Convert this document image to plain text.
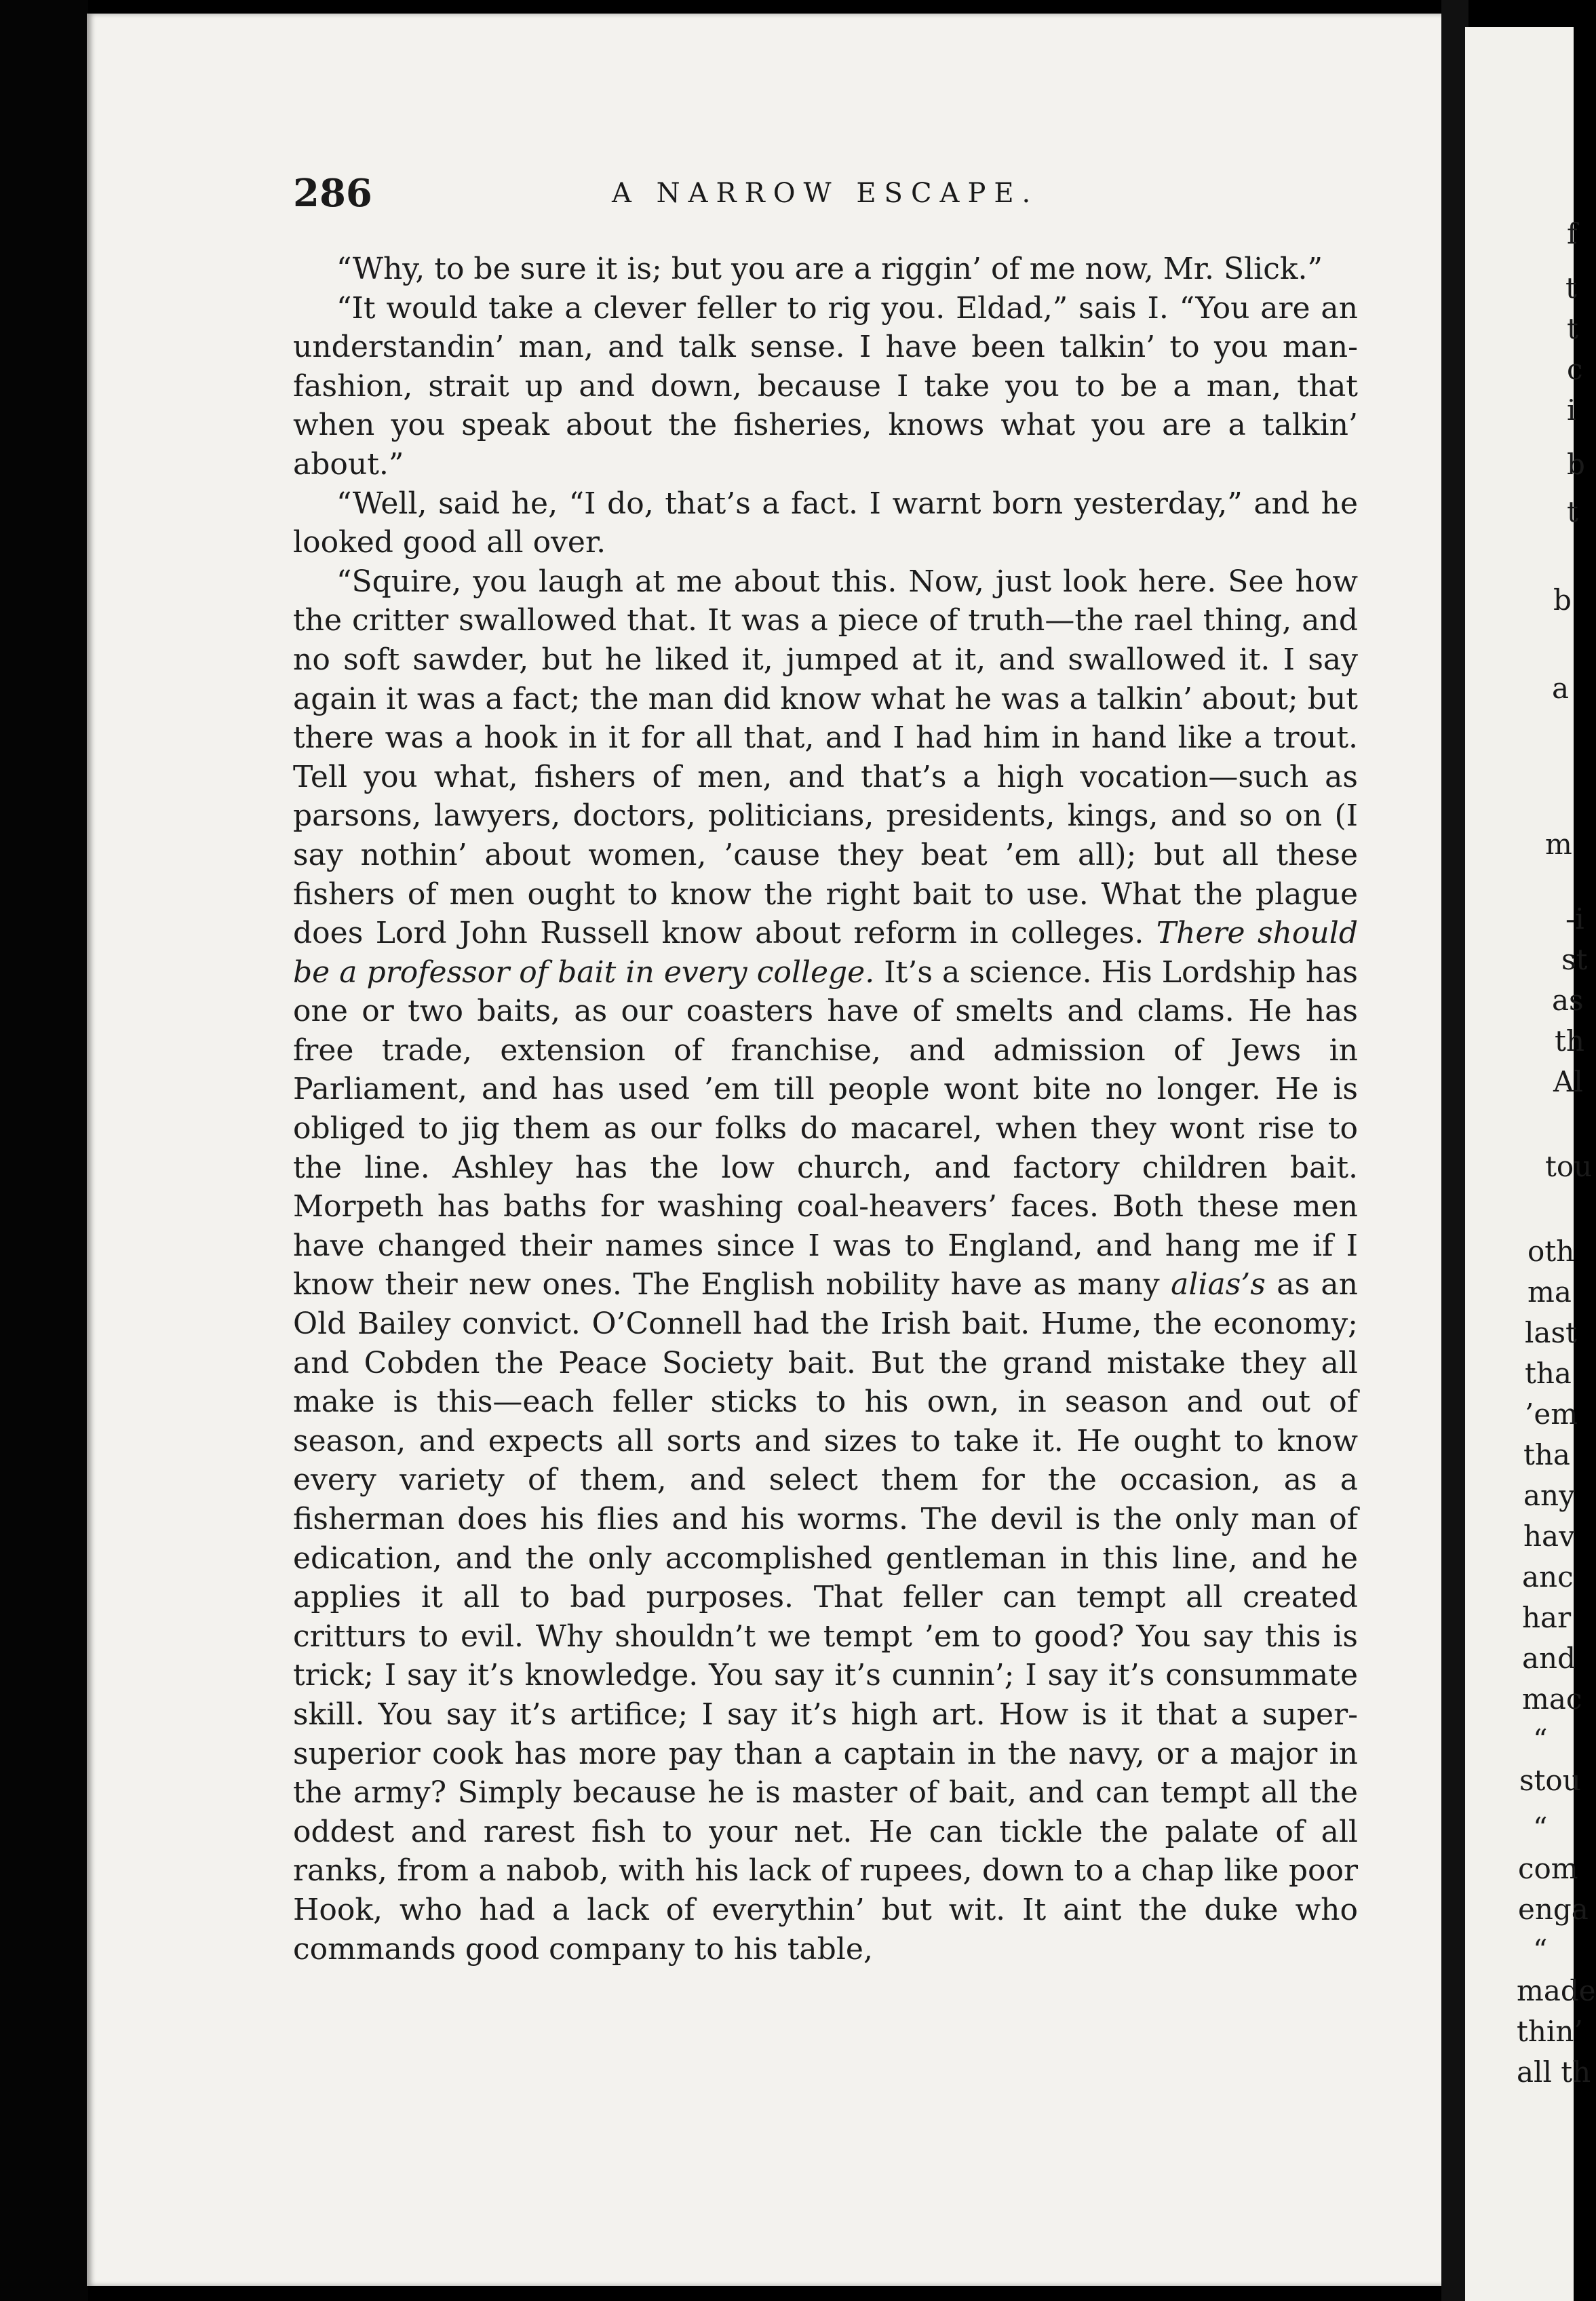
286	A NARROW ESCAPE.

“Why, to be sure it is; but you are a riggin’ of me now, Mr. Slick.”

“It would take a clever feller to rig you. Eldad,” sais I. “You are an understandin’ man, and talk sense. I have been talkin’ to you man-fashion, strait up and down, because I take you to be a man, that when you speak about the fisheries, knows what you are a talkin’ about.”

“Well, said he, “I do, that’s a fact. I warnt born yesterday,” and he looked good all over.

“Squire, you laugh at me about this. Now, just look here. See how the critter swallowed that. It was a piece of truth—the rael thing, and no soft sawder, but he liked it, jumped at it, and swallowed it. I say again it was a fact; the man did know what he was a talkin’ about; but there was a hook in it for all that, and I had him in hand like a trout. Tell you what, fishers of men, and that’s a high vocation—such as parsons, lawyers, doctors, politicians, presidents, kings, and so on (I say nothin’ about women, ’cause they beat ’em all); but all these fishers of men ought to know the right bait to use. What the plague does Lord John Russell know about reform in colleges. There should be a professor of bait in every college. It’s a science. His Lordship has one or two baits, as our coasters have of smelts and clams. He has free trade, extension of franchise, and admission of Jews in Parliament, and has used ’em till people wont bite no longer. He is obliged to jig them as our folks do macarel, when they wont rise to the line. Ashley has the low church, and factory children bait. Morpeth has baths for washing coal-heavers’ faces. Both these men have changed their names since I was to England, and hang me if I know their new ones. The English nobility have as many alias’s as an Old Bailey convict. O’Connell had the Irish bait. Hume, the economy; and Cobden the Peace Society bait. But the grand mistake they all make is this—each feller sticks to his own, in season and out of season, and expects all sorts and sizes to take it. He ought to know every variety of them, and select them for the occasion, as a fisherman does his flies and his worms. The devil is the only man of edication, and the only accomplished gentleman in this line, and he applies it all to bad purposes. That feller can tempt all created critturs to evil. Why shouldn’t we tempt ’em to good? You say this is trick; I say it’s knowledge. You say it’s cunnin’; I say it’s consummate skill. You say it’s artifice; I say it’s high art. How is it that a super-superior cook has more pay than a captain in the navy, or a major in the army? Simply because he is master of bait, and can tempt all the oddest and rarest fish to your net. He can tickle the palate of all ranks, from a nabob, with his lack of rupees, down to a chap like poor Hook, who had a lack of everythin’ but wit. It aint the duke who commands good company to his table,

f
t
t
c
i
b
t
b
a
m
-i
st
as
th
Al
tou
oth
ma
last
tha
’em
tha
any
hav
anc
har
and
mac
“
stou
“
com
enga
“
made
thin’
all th
